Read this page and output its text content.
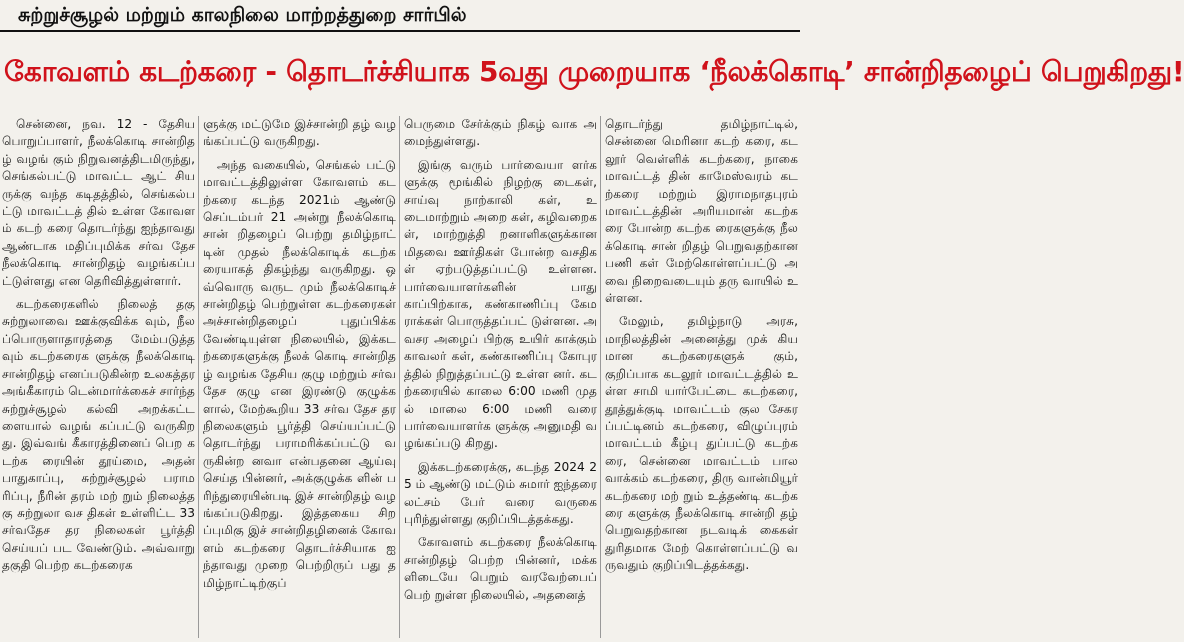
சுற்றுச்சூழல் மற்றும் காலநிலை மாற்றத்துறை சார்பில்
கோவளம் கடற்கரை - தொடர்ச்சியாக 5வது முறையாக ‘நீலக்கொடி’ சான்றிதழைப் பெறுகிறது!

சென்னை, நவ. 12 - தேசிய பொறுப்பாளர், நீலக்கொடி சான்றிதழ் வழங் கும் நிறுவனத்திடமிருந்து, செங்கல்பட்டு மாவட்ட ஆட் சியருக்கு வந்த கடிதத்தில், செங்கல்பட்டு மாவட்டத் தில் உள்ள கோவளம் கடற் கரை தொடர்ந்து ஐந்தாவது ஆண்டாக மதிப்புமிக்க சர்வ தேச நீலக்கொடி சான்றிதழ் வழங்கப்பட்டுள்ளது என தெரிவித்துள்ளார்.

கடற்கரைகளில் நிலைத் தகு சுற்றுலாவை ஊக்குவிக்க வும், நீலப்பொருளாதாரத்தை மேம்படுத்தவும் கடற்கரைக ளுக்கு நீலக்கொடி சான்றிதழ் எனப்படுகின்ற உலகத்தர அங்கீகாரம் டென்மார்க்கைச் சார்ந்த சுற்றுச்சூழல் கல்வி அறக்கட்டளையால் வழங் கப்பட்டு வருகிறது. இவ்வங் கீகாரத்தினைப் பெற கடற்க ரையின் தூய்மை, அதன் பாதுகாப்பு, சுற்றுச்சூழல் பராமரிப்பு, நீரின் தரம் மற் றும் நிலைத்தகு சுற்றுலா வச திகள் உள்ளிட்ட 33 சர்வதேச தர நிலைகள் பூர்த்தி செய்யப் பட வேண்டும். அவ்வாறு தகுதி பெற்ற கடற்கரைக

ளுக்கு மட்டுமே இச்சான்றி தழ் வழங்கப்பட்டு வருகிறது.

அந்த வகையில், செங்கல் பட்டு மாவட்டத்திலுள்ள கோவளம் கடற்கரை கடந்த 2021ம் ஆண்டு செப்டம்பர் 21 அன்று நீலக்கொடி சான் றிதழைப் பெற்று தமிழ்நாட் டின் முதல் நீலக்கொடிக் கடற்கரையாகத் திகழ்ந்து வருகிறது. ஒவ்வொரு வருட மும் நீலக்கொடிச் சான்றிதழ் பெற்றுள்ள கடற்கரைகள் அச்சான்றிதழைப் புதுப்பிக்க வேண்டியுள்ள நிலையில், இக்கடற்கரைகளுக்கு நீலக் கொடி சான்றிதழ் வழங்க தேசிய குழு மற்றும் சர்வதேச குழு என இரண்டு குழுக்க ளால், மேற்கூறிய 33 சர்வ தேச தர நிலைகளும் பூர்த்தி செய்யப்பட்டு தொடர்ந்து பராமரிக்கப்பட்டு வருகின்ற னவா என்பதனை ஆய்வு செய்த பின்னர், அக்குழுக்க ளின் பரிந்துரையின்படி இச் சான்றிதழ் வழங்கப்படுகிறது. இத்தகைய சிறப்புமிகு இச் சான்றிதழினைக் கோவளம் கடற்கரை தொடர்ச்சியாக ஐந்தாவது முறை பெற்றிருப் பது தமிழ்நாட்டிற்குப்

பெருமை சேர்க்கும் நிகழ் வாக அமைந்துள்ளது.

இங்கு வரும் பார்வையா ளர்களுக்கு மூங்கில் நிழற்கு டைகள், சாய்வு நாற்காலி கள், உடைமாற்றும் அறை கள், கழிவறைகள், மாற்றுத்தி றனாளிகளுக்கான மிதவை ஊர்திகள் போன்ற வசதிகள் ஏற்படுத்தப்பட்டு உள்ளன. பார்வையாளர்களின் பாது காப்பிற்காக, கண்காணிப்பு கேமராக்கள் பொருத்தப்பட் டுள்ளன. அவசர அழைப் பிற்கு உயிர் காக்கும் காவலர் கள், கண்காணிப்பு கோபுர த்தில் நிறுத்தப்பட்டு உள்ள னர். கடற்கரையில் காலை 6:00 மணி முதல் மாலை 6:00 மணி வரை பார்வையாளர்க ளுக்கு அனுமதி வழங்கப்படு கிறது.

இக்கடற்கரைக்கு, கடந்த 2024 25 ம் ஆண்டு மட்டும் சுமார் ஐந்தரை லட்சம் பேர் வரை வருகை புரிந்துள்ளது குறிப்பிடத்தக்கது.

கோவளம் கடற்கரை நீலக்கொடி சான்றிதழ் பெற்ற பின்னர், மக்களிடையே பெறும் வரவேற்பைப் பெற் றுள்ள நிலையில், அதனைத்

தொடர்ந்து தமிழ்நாட்டில், சென்னை மெரினா கடற் கரை, கடலூர் வெள்ளிக் கடற்கரை, நாகை மாவட்டத் தின் காமேஸ்வரம் கடற்கரை மற்றும் இராமநாதபுரம் மாவட்டத்தின் அரியமான் கடற்கரை போன்ற கடற்க ரைகளுக்கு நீலக்கொடி சான் றிதழ் பெறுவதற்கான பணி கள் மேற்கொள்ளப்பட்டு அவை நிறைவடையும் தரு வாயில் உள்ளன.

மேலும், தமிழ்நாடு அரசு, மாநிலத்தின் அனைத்து முக் கியமான கடற்கரைகளுக் கும், குறிப்பாக கடலூர் மாவட்டத்தில் உள்ள சாமி யார்பேட்டை கடற்கரை, தூத்துக்குடி மாவட்டம் குல சேகரப்பட்டினம் கடற்கரை, விழுப்புரம் மாவட்டம் கீழ்பு துப்பட்டு கடற்கரை, சென்னை மாவட்டம் பால வாக்கம் கடற்கரை, திரு வான்மியூர் கடற்கரை மற் றும் உத்தண்டி கடற்கரை களுக்கு நீலக்கொடி சான்றி தழ் பெறுவதற்கான நடவடிக் கைகள் துரிதமாக மேற் கொள்ளப்பட்டு வருவதும் குறிப்பிடத்தக்கது.
